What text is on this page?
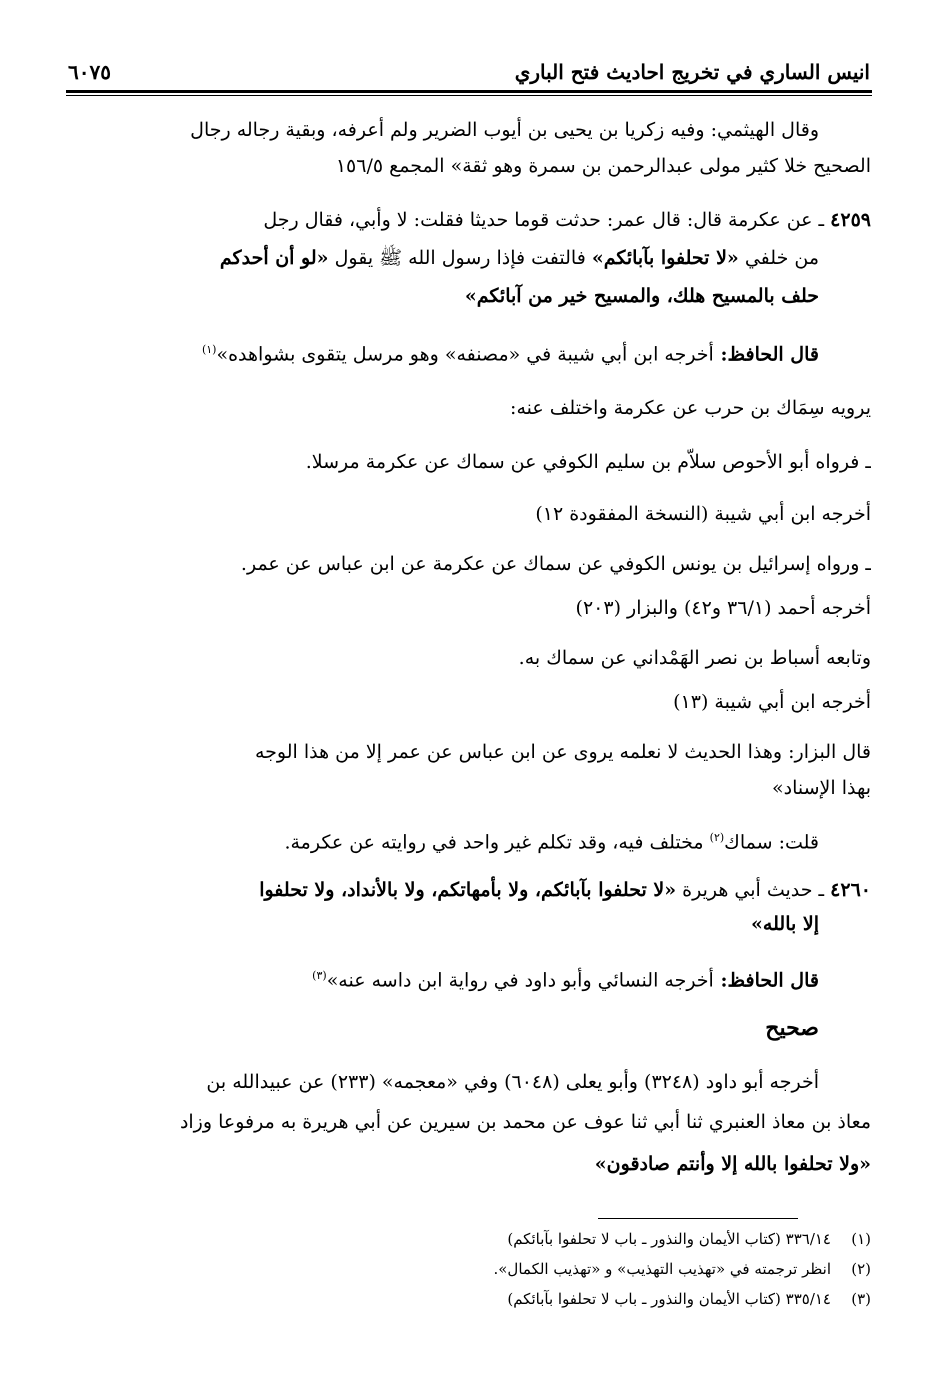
انيس الساري في تخريج احاديث فتح الباري
٦٠٧٥
وقال الهيثمي: وفيه زكريا بن يحيى بن أيوب الضرير ولم أعرفه، وبقية رجاله رجال
الصحيح خلا كثير مولى عبدالرحمن بن سمرة وهو ثقة» المجمع ١٥٦/٥
٤٢٥٩ ـ عن عكرمة قال: قال عمر: حدثت قوما حديثا فقلت: لا وأبي، فقال رجل
من خلفي «لا تحلفوا بآبائكم» فالتفت فإذا رسول الله ﷺ يقول «لو أن أحدكم
حلف بالمسيح هلك، والمسيح خير من آبائكم»
قال الحافظ: أخرجه ابن أبي شيبة في «مصنفه» وهو مرسل يتقوى بشواهده»$^{(١)}$
يرويه سِمَاك بن حرب عن عكرمة واختلف عنه:
ـ فرواه أبو الأحوص سلاّم بن سليم الكوفي عن سماك عن عكرمة مرسلا.
أخرجه ابن أبي شيبة (النسخة المفقودة ١٢)
ـ ورواه إسرائيل بن يونس الكوفي عن سماك عن عكرمة عن ابن عباس عن عمر.
أخرجه أحمد (٣٦/١ و٤٢) والبزار (٢٠٣)
وتابعه أسباط بن نصر الهَمْداني عن سماك به.
أخرجه ابن أبي شيبة (١٣)
قال البزار: وهذا الحديث لا نعلمه يروى عن ابن عباس عن عمر إلا من هذا الوجه
بهذا الإسناد»
قلت: سماك$^{(٢)}$ مختلف فيه، وقد تكلم غير واحد في روايته عن عكرمة.
٤٢٦٠ ـ حديث أبي هريرة «لا تحلفوا بآبائكم، ولا بأمهاتكم، ولا بالأنداد، ولا تحلفوا
إلا بالله»
قال الحافظ: أخرجه النسائي وأبو داود في رواية ابن داسه عنه»$^{(٣)}$
صحيح
أخرجه أبو داود (٣٢٤٨) وأبو يعلى (٦٠٤٨) وفي «معجمه» (٢٣٣) عن عبيدالله بن
معاذ بن معاذ العنبري ثنا أبي ثنا عوف عن محمد بن سيرين عن أبي هريرة به مرفوعا وزاد
«ولا تحلفوا بالله إلا وأنتم صادقون»
(١)٣٣٦/١٤ (كتاب الأيمان والنذور ـ باب لا تحلفوا بآبائكم)
(٢)انظر ترجمته في «تهذيب التهذيب» و «تهذيب الكمال».
(٣)٣٣٥/١٤ (كتاب الأيمان والنذور ـ باب لا تحلفوا بآبائكم)
